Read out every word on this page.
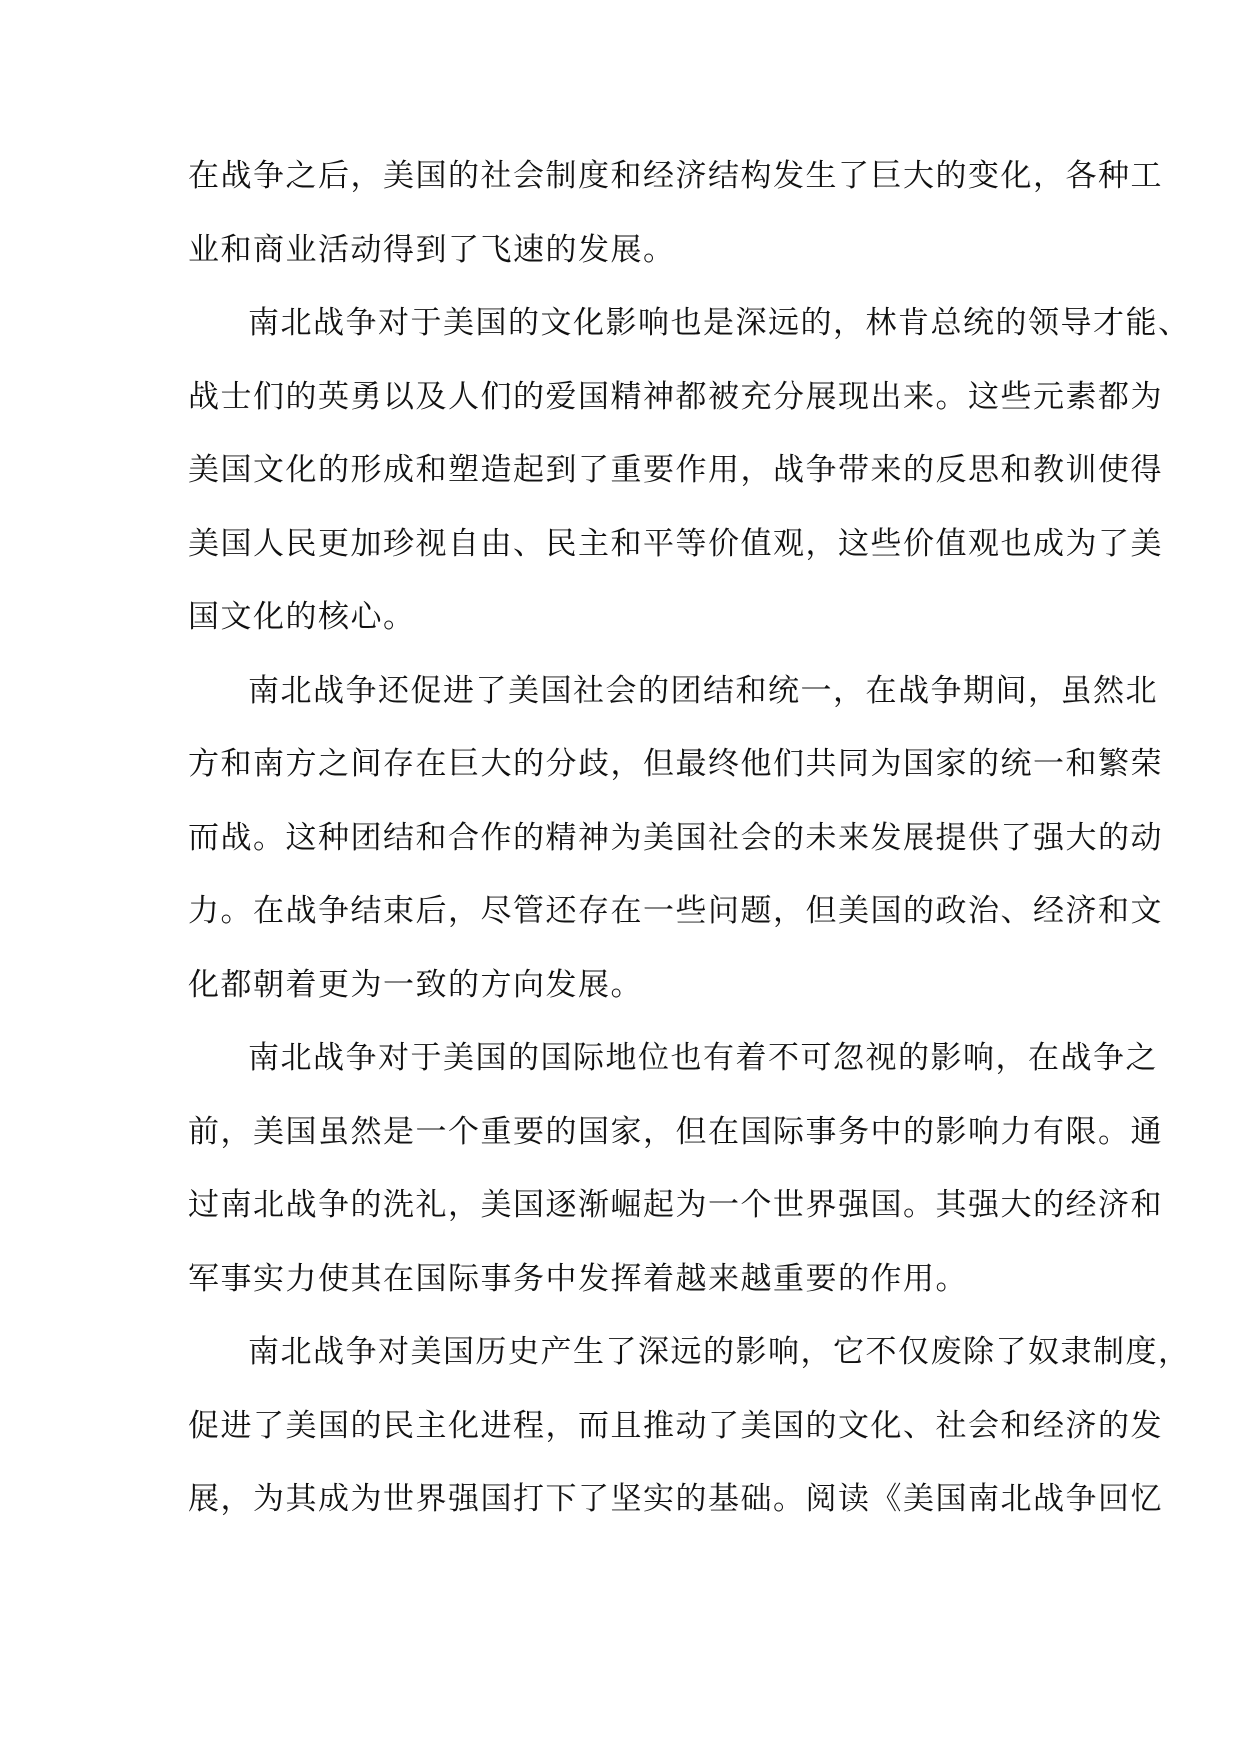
在战争之后，美国的社会制度和经济结构发生了巨大的变化，各种工
业和商业活动得到了飞速的发展。
南北战争对于美国的文化影响也是深远的，林肯总统的领导才能、
战士们的英勇以及人们的爱国精神都被充分展现出来。这些元素都为
美国文化的形成和塑造起到了重要作用，战争带来的反思和教训使得
美国人民更加珍视自由、民主和平等价值观，这些价值观也成为了美
国文化的核心。
南北战争还促进了美国社会的团结和统一，在战争期间，虽然北
方和南方之间存在巨大的分歧，但最终他们共同为国家的统一和繁荣
而战。这种团结和合作的精神为美国社会的未来发展提供了强大的动
力。在战争结束后，尽管还存在一些问题，但美国的政治、经济和文
化都朝着更为一致的方向发展。
南北战争对于美国的国际地位也有着不可忽视的影响，在战争之
前，美国虽然是一个重要的国家，但在国际事务中的影响力有限。通
过南北战争的洗礼，美国逐渐崛起为一个世界强国。其强大的经济和
军事实力使其在国际事务中发挥着越来越重要的作用。
南北战争对美国历史产生了深远的影响，它不仅废除了奴隶制度，
促进了美国的民主化进程，而且推动了美国的文化、社会和经济的发
展，为其成为世界强国打下了坚实的基础。阅读《美国南北战争回忆
